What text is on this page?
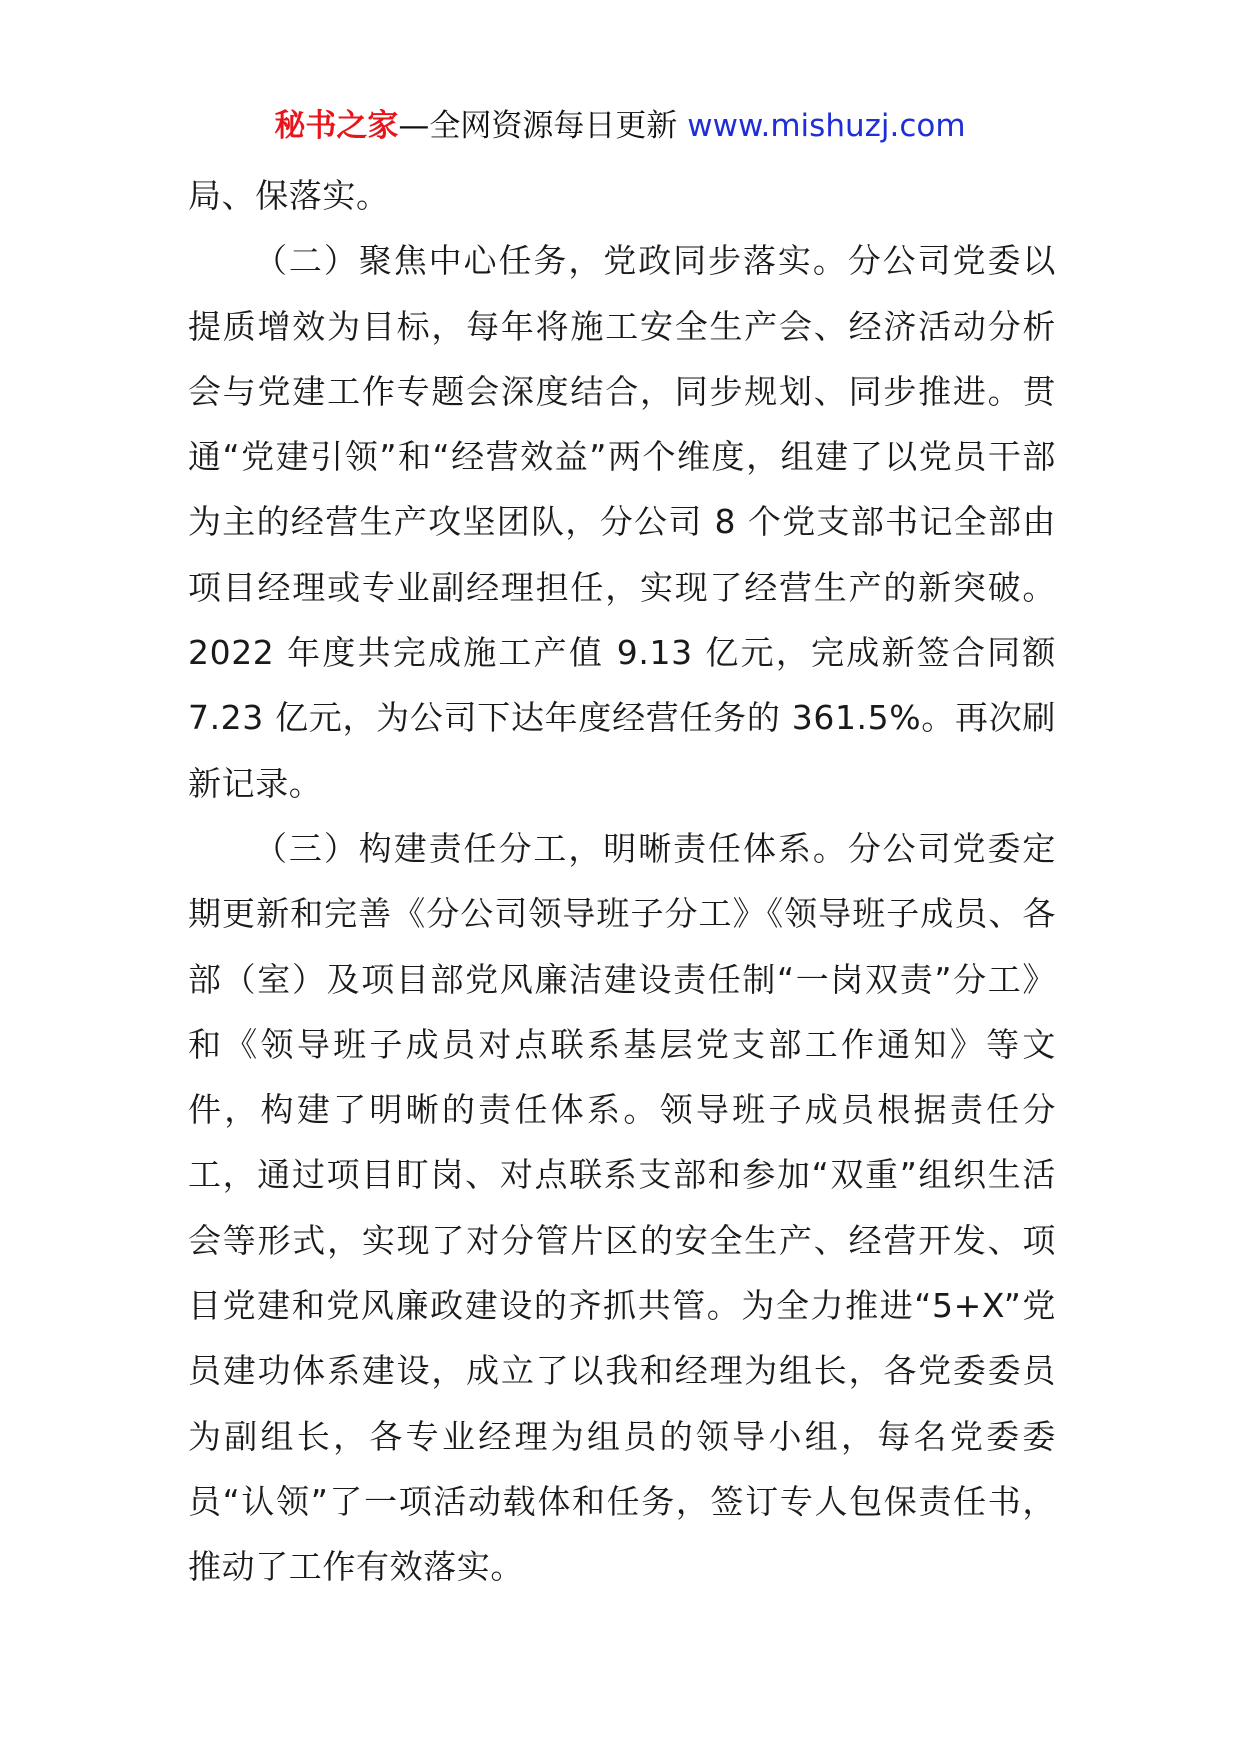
秘书之家—全网资源每日更新 www.mishuzj.com

局、保落实。

（二）聚焦中心任务，党政同步落实。分公司党委以提质增效为目标，每年将施工安全生产会、经济活动分析会与党建工作专题会深度结合，同步规划、同步推进。贯通“党建引领”和“经营效益”两个维度，组建了以党员干部为主的经营生产攻坚团队，分公司 8 个党支部书记全部由项目经理或专业副经理担任，实现了经营生产的新突破。2022 年度共完成施工产值 9.13 亿元，完成新签合同额 7.23 亿元，为公司下达年度经营任务的 361.5%。再次刷新记录。

（三）构建责任分工，明晰责任体系。分公司党委定期更新和完善《分公司领导班子分工》《领导班子成员、各部（室）及项目部党风廉洁建设责任制“一岗双责”分工》和《领导班子成员对点联系基层党支部工作通知》等文件，构建了明晰的责任体系。领导班子成员根据责任分工，通过项目盯岗、对点联系支部和参加“双重”组织生活会等形式，实现了对分管片区的安全生产、经营开发、项目党建和党风廉政建设的齐抓共管。为全力推进“5+X”党员建功体系建设，成立了以我和经理为组长，各党委委员为副组长，各专业经理为组员的领导小组，每名党委委员“认领”了一项活动载体和任务，签订专人包保责任书，推动了工作有效落实。
